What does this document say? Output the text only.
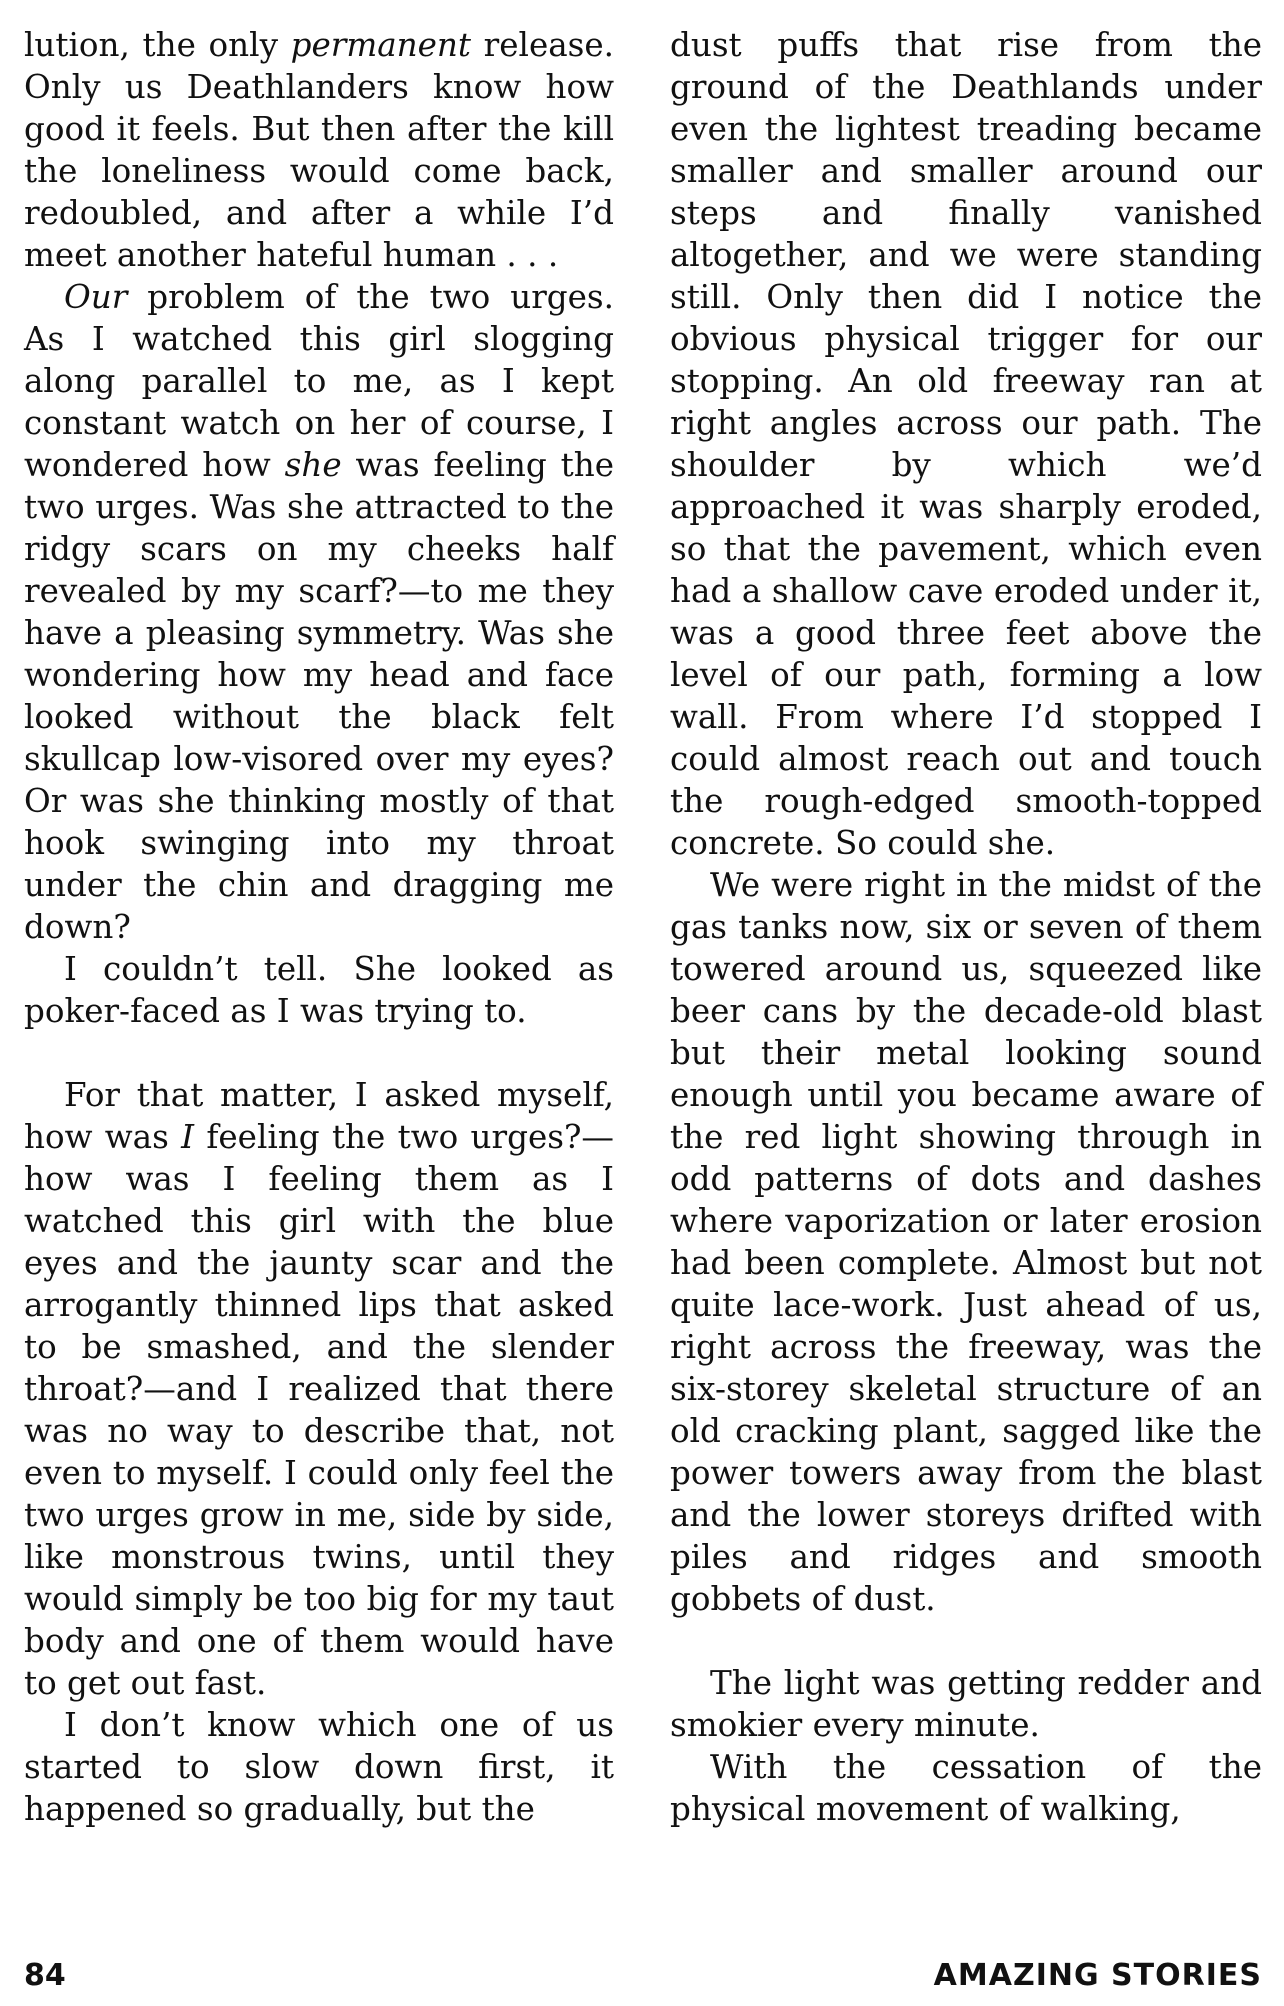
lution, the only permanent release. Only us Deathlanders know how good it feels. But then after the kill the loneliness would come back, redoubled, and after a while I’d meet another hateful human . . .

Our problem of the two urges. As I watched this girl slogging along parallel to me, as I kept constant watch on her of course, I wondered how she was feeling the two urges. Was she attracted to the ridgy scars on my cheeks half revealed by my scarf?—to me they have a pleasing symmetry. Was she wondering how my head and face looked without the black felt skullcap low-visored over my eyes? Or was she thinking mostly of that hook swinging into my throat under the chin and dragging me down?

I couldn’t tell. She looked as poker-faced as I was trying to.

For that matter, I asked myself, how was I feeling the two urges?—how was I feeling them as I watched this girl with the blue eyes and the jaunty scar and the arrogantly thinned lips that asked to be smashed, and the slender throat?—and I realized that there was no way to describe that, not even to myself. I could only feel the two urges grow in me, side by side, like monstrous twins, until they would simply be too big for my taut body and one of them would have to get out fast.

I don’t know which one of us started to slow down first, it happened so gradually, but the

dust puffs that rise from the ground of the Deathlands under even the lightest treading became smaller and smaller around our steps and finally vanished altogether, and we were standing still. Only then did I notice the obvious physical trigger for our stopping. An old freeway ran at right angles across our path. The shoulder by which we’d approached it was sharply eroded, so that the pavement, which even had a shallow cave eroded under it, was a good three feet above the level of our path, forming a low wall. From where I’d stopped I could almost reach out and touch the rough-edged smooth-topped concrete. So could she.

We were right in the midst of the gas tanks now, six or seven of them towered around us, squeezed like beer cans by the decade-old blast but their metal looking sound enough until you became aware of the red light showing through in odd patterns of dots and dashes where vaporization or later erosion had been complete. Almost but not quite lace-work. Just ahead of us, right across the freeway, was the six-storey skeletal structure of an old cracking plant, sagged like the power towers away from the blast and the lower storeys drifted with piles and ridges and smooth gobbets of dust.

The light was getting redder and smokier every minute.

With the cessation of the physical movement of walking,

84	AMAZING STORIES
